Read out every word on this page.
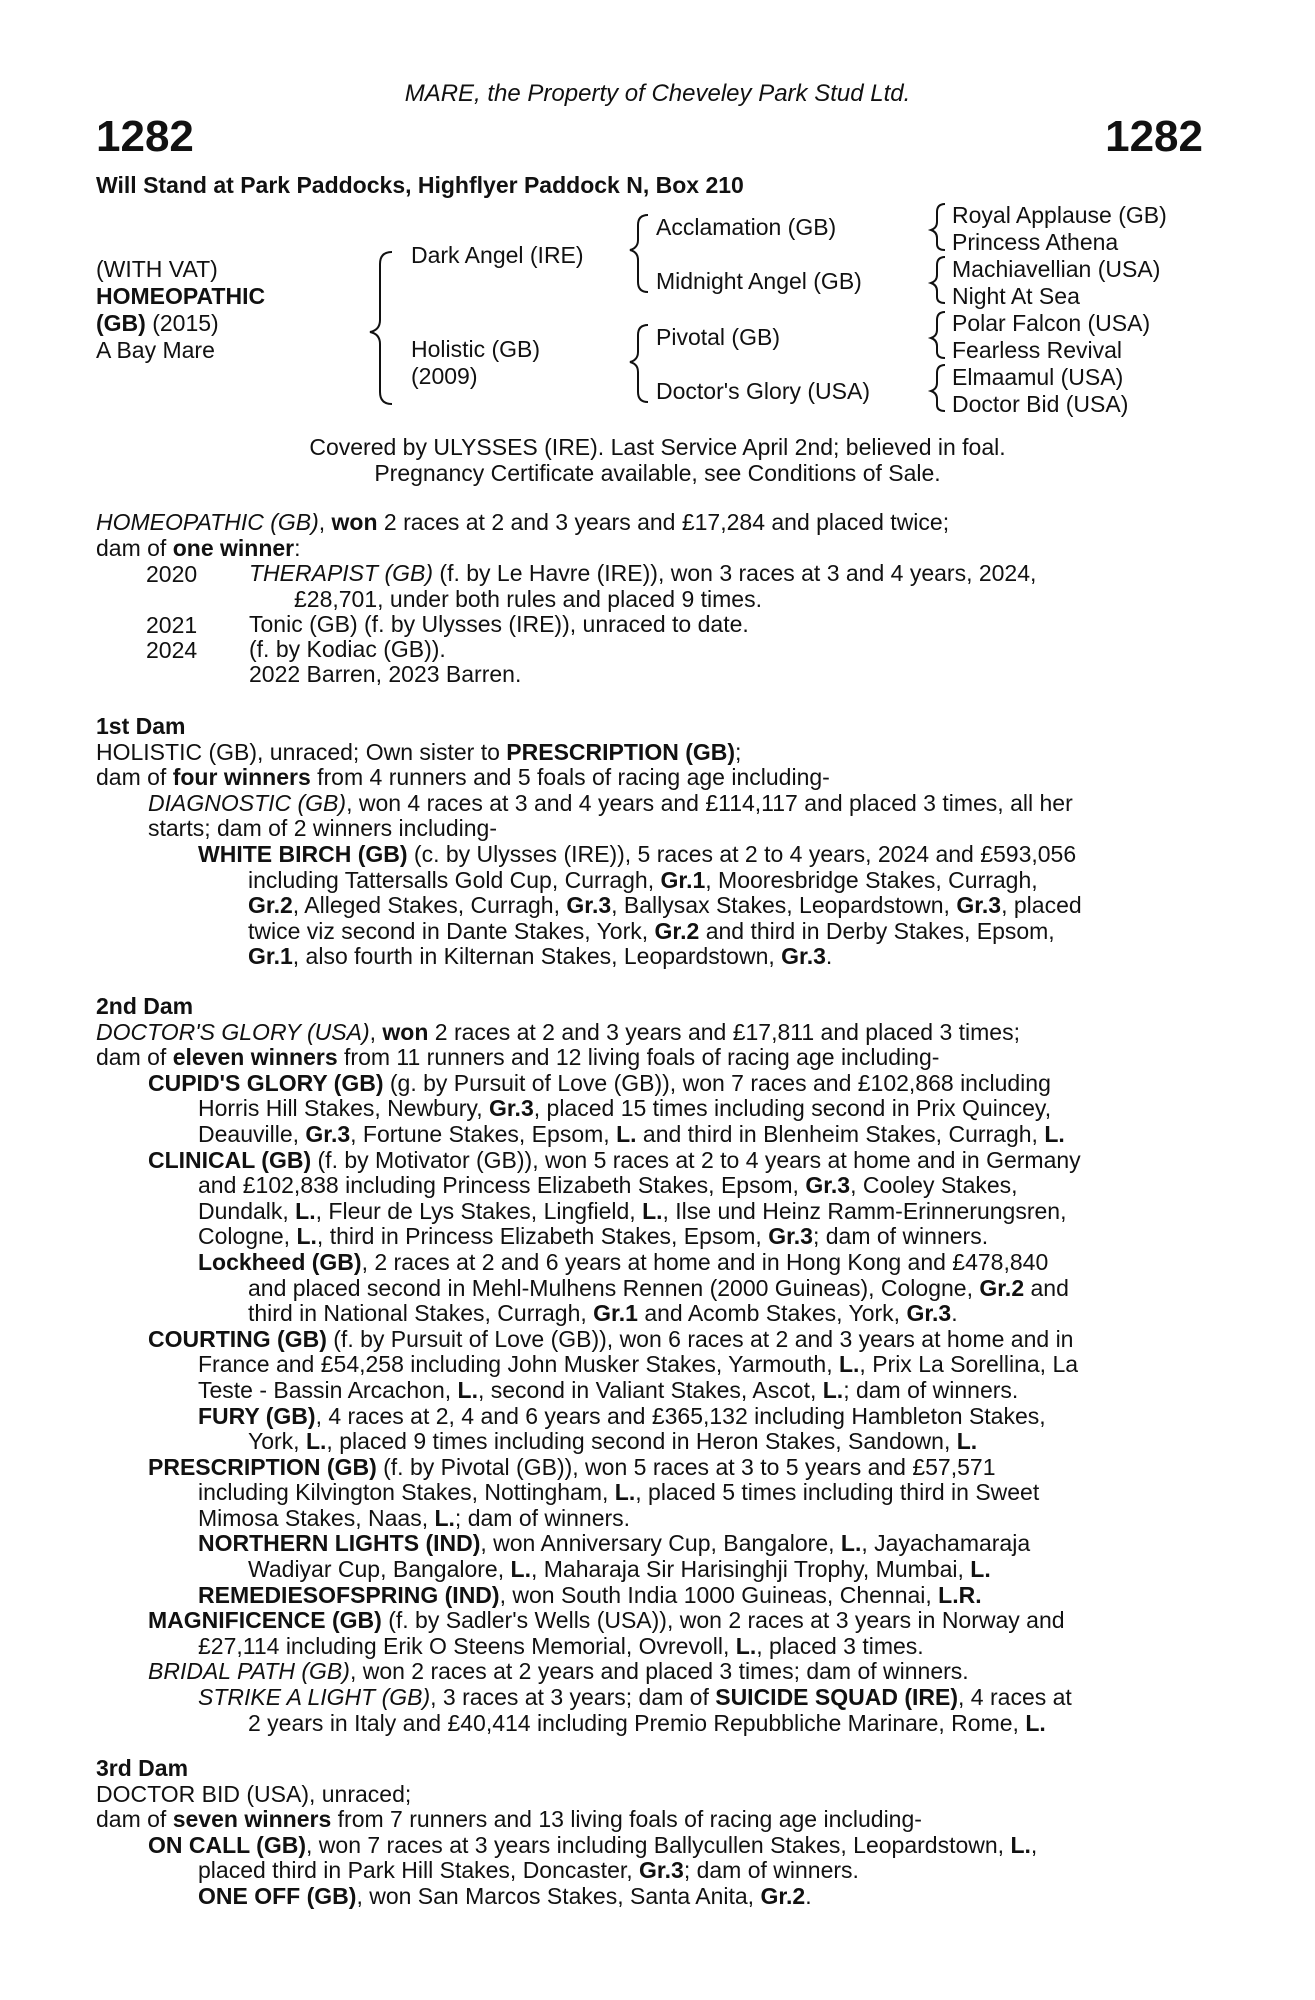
MARE, the Property of Cheveley Park Stud Ltd.
1282	1282
Will Stand at Park Paddocks, Highflyer Paddock N, Box 210
(WITH VAT)
HOMEOPATHIC
(GB) (2015)
A Bay Mare
Dark Angel (IRE)
Holistic (GB)
(2009)
Acclamation (GB)
Midnight Angel (GB)
Pivotal (GB)
Doctor's Glory (USA)
Royal Applause (GB)
Princess Athena
Machiavellian (USA)
Night At Sea
Polar Falcon (USA)
Fearless Revival
Elmaamul (USA)
Doctor Bid (USA)
Covered by ULYSSES (IRE). Last Service April 2nd; believed in foal.
Pregnancy Certificate available, see Conditions of Sale.
HOMEOPATHIC (GB), won 2 races at 2 and 3 years and £17,284 and placed twice;
dam of one winner:
2020 THERAPIST (GB) (f. by Le Havre (IRE)), won 3 races at 3 and 4 years, 2024,
£28,701, under both rules and placed 9 times.
2021 Tonic (GB) (f. by Ulysses (IRE)), unraced to date.
2024 (f. by Kodiac (GB)).
2022 Barren, 2023 Barren.
1st Dam
HOLISTIC (GB), unraced; Own sister to PRESCRIPTION (GB);
dam of four winners from 4 runners and 5 foals of racing age including-
DIAGNOSTIC (GB), won 4 races at 3 and 4 years and £114,117 and placed 3 times, all her
starts; dam of 2 winners including-
WHITE BIRCH (GB) (c. by Ulysses (IRE)), 5 races at 2 to 4 years, 2024 and £593,056
including Tattersalls Gold Cup, Curragh, Gr.1, Mooresbridge Stakes, Curragh,
Gr.2, Alleged Stakes, Curragh, Gr.3, Ballysax Stakes, Leopardstown, Gr.3, placed
twice viz second in Dante Stakes, York, Gr.2 and third in Derby Stakes, Epsom,
Gr.1, also fourth in Kilternan Stakes, Leopardstown, Gr.3.
2nd Dam
DOCTOR'S GLORY (USA), won 2 races at 2 and 3 years and £17,811 and placed 3 times;
dam of eleven winners from 11 runners and 12 living foals of racing age including-
CUPID'S GLORY (GB) (g. by Pursuit of Love (GB)), won 7 races and £102,868 including
Horris Hill Stakes, Newbury, Gr.3, placed 15 times including second in Prix Quincey,
Deauville, Gr.3, Fortune Stakes, Epsom, L. and third in Blenheim Stakes, Curragh, L.
CLINICAL (GB) (f. by Motivator (GB)), won 5 races at 2 to 4 years at home and in Germany
and £102,838 including Princess Elizabeth Stakes, Epsom, Gr.3, Cooley Stakes,
Dundalk, L., Fleur de Lys Stakes, Lingfield, L., Ilse und Heinz Ramm-Erinnerungsren,
Cologne, L., third in Princess Elizabeth Stakes, Epsom, Gr.3; dam of winners.
Lockheed (GB), 2 races at 2 and 6 years at home and in Hong Kong and £478,840
and placed second in Mehl-Mulhens Rennen (2000 Guineas), Cologne, Gr.2 and
third in National Stakes, Curragh, Gr.1 and Acomb Stakes, York, Gr.3.
COURTING (GB) (f. by Pursuit of Love (GB)), won 6 races at 2 and 3 years at home and in
France and £54,258 including John Musker Stakes, Yarmouth, L., Prix La Sorellina, La
Teste - Bassin Arcachon, L., second in Valiant Stakes, Ascot, L.; dam of winners.
FURY (GB), 4 races at 2, 4 and 6 years and £365,132 including Hambleton Stakes,
York, L., placed 9 times including second in Heron Stakes, Sandown, L.
PRESCRIPTION (GB) (f. by Pivotal (GB)), won 5 races at 3 to 5 years and £57,571
including Kilvington Stakes, Nottingham, L., placed 5 times including third in Sweet
Mimosa Stakes, Naas, L.; dam of winners.
NORTHERN LIGHTS (IND), won Anniversary Cup, Bangalore, L., Jayachamaraja
Wadiyar Cup, Bangalore, L., Maharaja Sir Harisinghji Trophy, Mumbai, L.
REMEDIESOFSPRING (IND), won South India 1000 Guineas, Chennai, L.R.
MAGNIFICENCE (GB) (f. by Sadler's Wells (USA)), won 2 races at 3 years in Norway and
£27,114 including Erik O Steens Memorial, Ovrevoll, L., placed 3 times.
BRIDAL PATH (GB), won 2 races at 2 years and placed 3 times; dam of winners.
STRIKE A LIGHT (GB), 3 races at 3 years; dam of SUICIDE SQUAD (IRE), 4 races at
2 years in Italy and £40,414 including Premio Repubbliche Marinare, Rome, L.
3rd Dam
DOCTOR BID (USA), unraced;
dam of seven winners from 7 runners and 13 living foals of racing age including-
ON CALL (GB), won 7 races at 3 years including Ballycullen Stakes, Leopardstown, L.,
placed third in Park Hill Stakes, Doncaster, Gr.3; dam of winners.
ONE OFF (GB), won San Marcos Stakes, Santa Anita, Gr.2.
